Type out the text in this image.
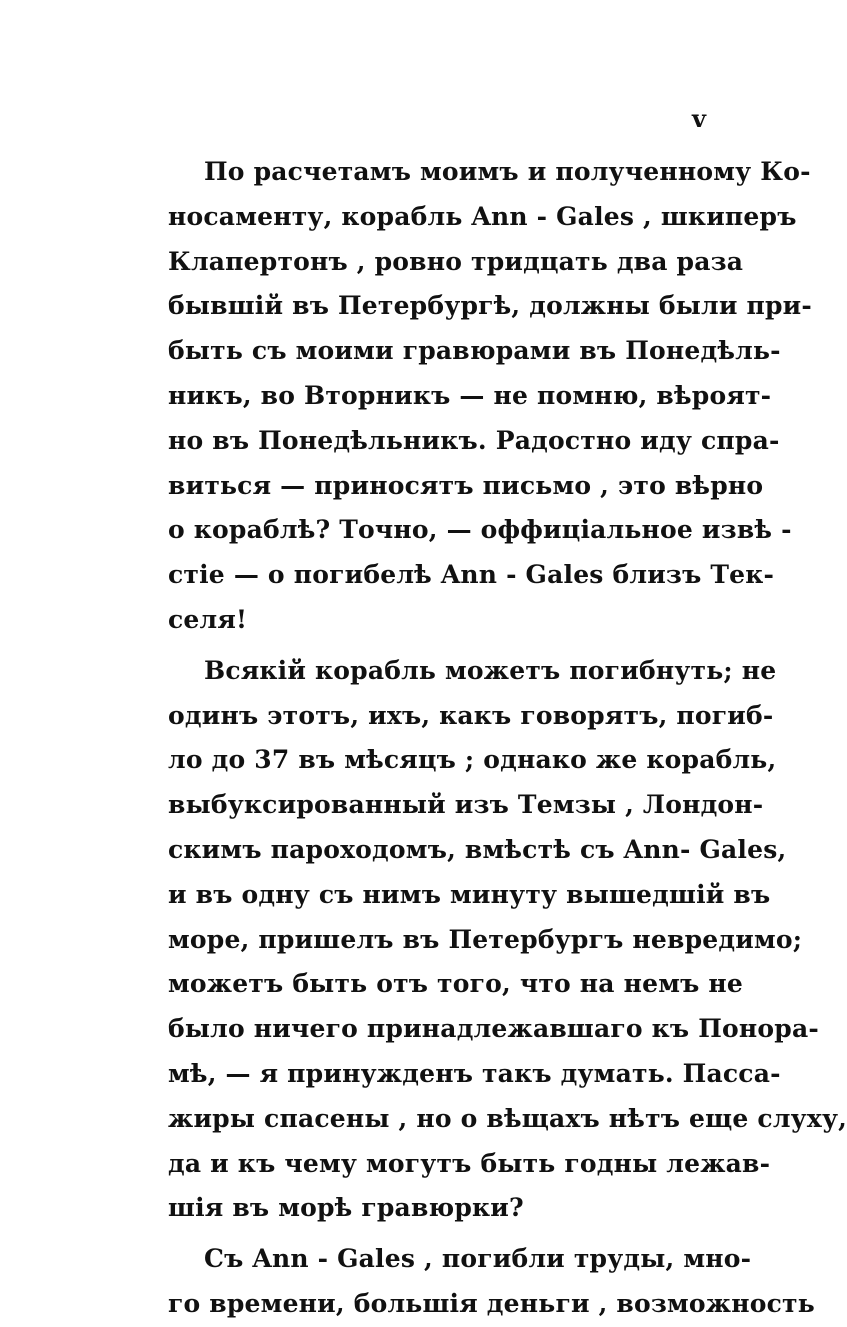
v
По расчетамъ моимъ и полученному Ко-
носаменту, корабль Ann - Gales , шкиперъ
Клапертонъ , ровно тридцать два раза
бывшій въ Петербургѣ, должны были при-
быть съ моими гравюрами въ Понедѣль-
никъ, во Вторникъ — не помню, вѣроят-
но въ Понедѣльникъ. Радостно иду спра-
виться — приносятъ письмо , это вѣрно
о кораблѣ? Точно, — оффиціальное извѣ -
стіе — о погибелѣ Ann - Gales близъ Тек-
селя!
Всякій корабль можетъ погибнуть; не
одинъ этотъ, ихъ, какъ говорятъ, погиб-
ло до 37 въ мѣсяцъ ; однако же корабль,
выбуксированный изъ Темзы , Лондон-
скимъ пароходомъ, вмѣстѣ съ Ann- Gales,
и въ одну съ нимъ минуту вышедшій въ
море, пришелъ въ Петербургъ невредимо;
можетъ быть отъ того, что на немъ не
было ничего принадлежавшаго къ Понора-
мѣ, — я принужденъ такъ думать. Пасса-
жиры спасены , но о вѣщахъ нѣтъ еще слуху,
да и къ чему могутъ быть годны лежав-
шія въ морѣ гравюрки?
Съ Ann - Gales , погибли труды, мно-
го времени, большія деньги , возможность
